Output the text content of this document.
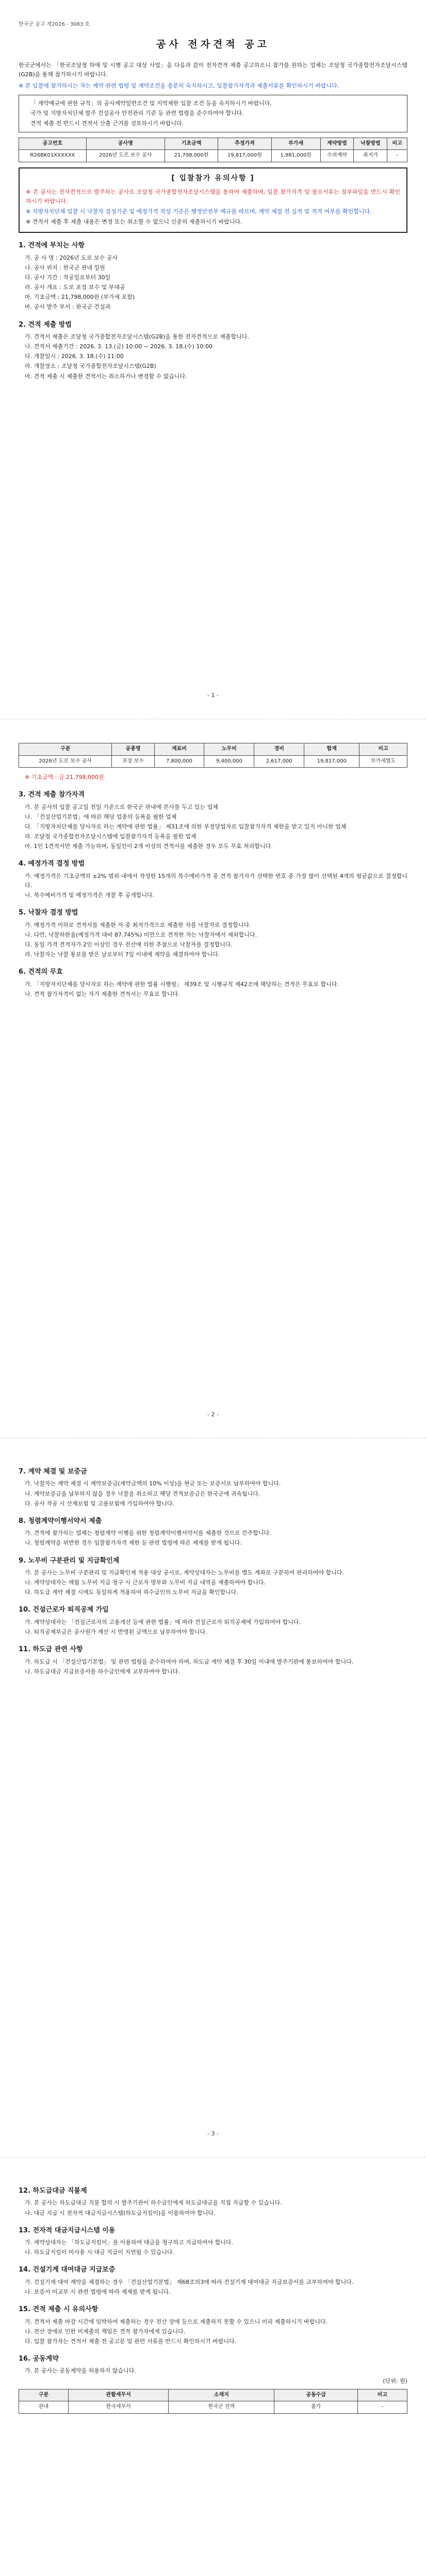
한국군 공고 제2026 - 3083 호
공사 전자견적 공고

한국군에서는 「한국조달청 하에 및 시행 공고 대상 사업」을 다음과 같이 전자견적 제출 공고하오니 참가를 원하는 업체는 조달청 국가종합전자조달시스템(G2B)을 통해 참가하시기 바랍니다.

※ 본 입찰에 참가하시는 자는 계약 관련 법령 및 계약조건을 충분히 숙지하시고, 입찰참가자격과 제출서류를 확인하시기 바랍니다.

「 계약예규에 관한 규칙」의 공사계약일반조건 및 지역제한 입찰 조건 등을 숙지하시기 바랍니다.
국가 및 지방자치단체 발주 건설공사 안전관리 기준 등 관련 법령을 준수하여야 합니다.
견적 제출 전 반드시 견적서 산출 근거를 검토하시기 바랍니다.
공고번호	공사명	기초금액	추정가격	부가세	계약방법	낙찰방법	비고
R26BK01XXXXXX	2026년 도로 보수 공사	21,798,000원	19,817,000원	1,981,000원	수의계약	최저가	-
[ 입찰참가 유의사항 ]

※ 본 공사는 전자견적으로 발주하는 공사로 조달청 국가종합전자조달시스템을 통하여 제출하며, 입찰 참가자격 및 필요서류는 첨부파일을 반드시 확인하시기 바랍니다.

※ 지방자치단체 입찰 시 낙찰자 결정기준 및 예정가격 작성 기준은 행정안전부 예규를 따르며, 계약 체결 전 실적 및 적격 여부를 확인합니다.

※ 견적서 제출 후 제출 내용은 변경 또는 취소할 수 없으니 신중히 제출하시기 바랍니다.

1. 견적에 부치는 사항
가. 공 사 명 : 2026년 도로 보수 공사
나. 공사 위치 : 한국군 관내 일원
다. 공사 기간 : 착공일로부터 30일
라. 공사 개요 : 도로 포장 보수 및 부대공
마. 기초금액 : 21,798,000원 (부가세 포함)
바. 공사 발주 부서 : 한국군 건설과
2. 견적 제출 방법
가. 견적서 제출은 조달청 국가종합전자조달시스템(G2B)을 통한 전자견적으로 제출합니다.
나. 견적서 제출기간 : 2026. 3. 13.(금) 10:00 ~ 2026. 3. 18.(수) 10:00
다. 개찰일시 : 2026. 3. 18.(수) 11:00
라. 개찰장소 : 조달청 국가종합전자조달시스템(G2B)
마. 견적 제출 시 제출한 견적서는 취소하거나 변경할 수 없습니다.
- 1 -
구분	공종명	재료비	노무비	경비	합계	비고
2026년 도로 보수 공사	포장 보수	7,800,000	9,400,000	2,617,000	19,817,000	부가세별도
※ 기초금액 : 금 21,798,000원
3. 견적 제출 참가자격
가. 본 공사의 입찰 공고일 전일 기준으로 한국군 관내에 본사를 두고 있는 업체
나. 「건설산업기본법」에 따른 해당 업종의 등록을 필한 업체
다. 「지방자치단체를 당사자로 하는 계약에 관한 법률」 제31조에 의한 부정당업자로 입찰참가자격 제한을 받고 있지 아니한 업체
라. 조달청 국가종합전자조달시스템에 입찰참가자격 등록을 필한 업체
마. 1인 1견적서만 제출 가능하며, 동일인이 2개 이상의 견적서를 제출한 경우 모두 무효 처리합니다.
4. 예정가격 결정 방법
가. 예정가격은 기초금액의 ±2% 범위 내에서 작성한 15개의 복수예비가격 중 견적 참가자가 선택한 번호 중 가장 많이 선택된 4개의 평균값으로 결정합니다.
나. 복수예비가격 및 예정가격은 개찰 후 공개합니다.
5. 낙찰자 결정 방법
가. 예정가격 이하로 견적서를 제출한 자 중 최저가격으로 제출한 자를 낙찰자로 결정합니다.
나. 다만, 낙찰하한율(예정가격 대비 87.745%) 미만으로 견적한 자는 낙찰자에서 제외합니다.
다. 동일 가격 견적자가 2인 이상인 경우 전산에 의한 추첨으로 낙찰자를 결정합니다.
라. 낙찰자는 낙찰 통보를 받은 날로부터 7일 이내에 계약을 체결하여야 합니다.
6. 견적의 무효
가. 「지방자치단체를 당사자로 하는 계약에 관한 법률 시행령」 제39조 및 시행규칙 제42조에 해당하는 견적은 무효로 합니다.
나. 견적 참가자격이 없는 자가 제출한 견적서는 무효로 합니다.
- 2 -
7. 계약 체결 및 보증금
가. 낙찰자는 계약 체결 시 계약보증금(계약금액의 10% 이상)을 현금 또는 보증서로 납부하여야 합니다.
나. 계약보증금을 납부하지 않을 경우 낙찰을 취소하고 해당 견적보증금은 한국군에 귀속됩니다.
다. 공사 착공 시 산재보험 및 고용보험에 가입하여야 합니다.
8. 청렴계약이행서약서 제출
가. 견적에 참가하는 업체는 청렴계약 이행을 위한 청렴계약이행서약서를 제출한 것으로 간주합니다.
나. 청렴계약을 위반한 경우 입찰참가자격 제한 등 관련 법령에 따른 제재를 받게 됩니다.
9. 노무비 구분관리 및 지급확인제
가. 본 공사는 노무비 구분관리 및 지급확인제 적용 대상 공사로, 계약상대자는 노무비를 별도 계좌로 구분하여 관리하여야 합니다.
나. 계약상대자는 매월 노무비 지급 청구 시 근로자 명부와 노무비 지급 내역을 제출하여야 합니다.
다. 하도급 계약 체결 시에도 동일하게 적용하여 하수급인의 노무비 지급을 확인합니다.
10. 건설근로자 퇴직공제 가입
가. 계약상대자는 「건설근로자의 고용개선 등에 관한 법률」에 따라 건설근로자 퇴직공제에 가입하여야 합니다.
나. 퇴직공제부금은 공사원가 계산 시 반영된 금액으로 납부하여야 합니다.
11. 하도급 관련 사항
가. 하도급 시 「건설산업기본법」 및 관련 법령을 준수하여야 하며, 하도급 계약 체결 후 30일 이내에 발주기관에 통보하여야 합니다.
나. 하도급대금 지급보증서를 하수급인에게 교부하여야 합니다.
- 3 -
12. 하도급대금 직불제
가. 본 공사는 하도급대금 직불 합의 시 발주기관이 하수급인에게 하도급대금을 직접 지급할 수 있습니다.
나. 대금 지급 시 전자적 대금지급시스템(하도급지킴이)을 이용하여야 합니다.
13. 전자적 대금지급시스템 이용
가. 계약상대자는 「하도급지킴이」를 이용하여 대금을 청구하고 지급하여야 합니다.
나. 하도급지킴이 미사용 시 대금 지급이 지연될 수 있습니다.
14. 건설기계 대여대금 지급보증
가. 건설기계 대여 계약을 체결하는 경우 「건설산업기본법」 제68조의3에 따라 건설기계 대여대금 지급보증서를 교부하여야 합니다.
나. 보증서 미교부 시 관련 법령에 따라 제재를 받게 됩니다.
15. 견적 제출 시 유의사항
가. 견적서 제출 마감 시간에 임박하여 제출하는 경우 전산 장애 등으로 제출하지 못할 수 있으니 미리 제출하시기 바랍니다.
나. 전산 장애로 인한 미제출의 책임은 견적 참가자에게 있습니다.
다. 입찰 참가자는 견적서 제출 전 공고문 및 관련 서류를 반드시 확인하시기 바랍니다.
16. 공동계약
가. 본 공사는 공동계약을 허용하지 않습니다.
(단위: 원)
구분	관할세무서	소재지	공동수급	비고
관내	한국세무서	한국군 전역	불가	-
